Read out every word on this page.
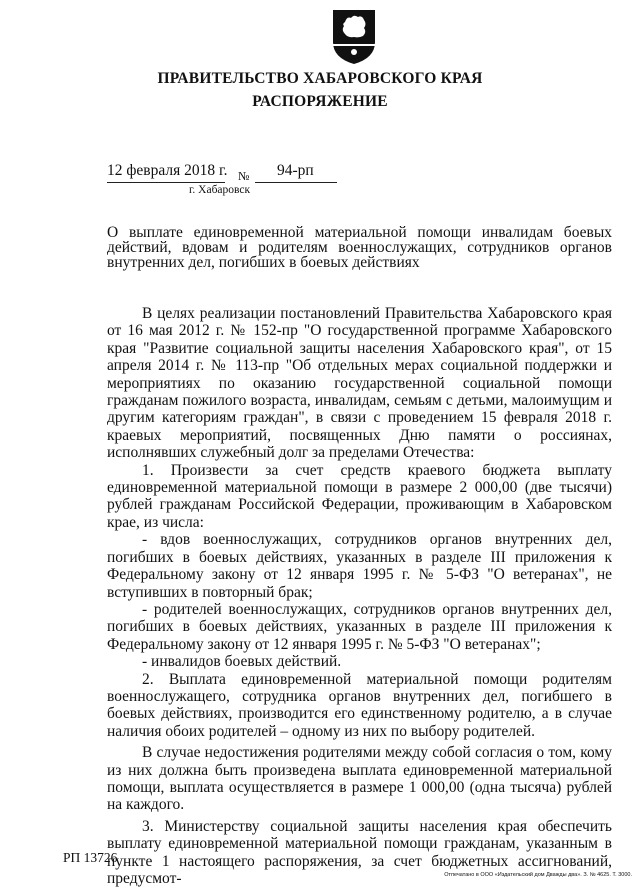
ПРАВИТЕЛЬСТВО ХАБАРОВСКОГО КРАЯ
РАСПОРЯЖЕНИЕ
12 февраля 2018 г. № 94-рп
г. Хабаровск
О выплате единовременной материальной помощи инвалидам боевых действий, вдовам и родителям военнослужащих, сотрудников органов внутренних дел, погибших в боевых действиях

В целях реализации постановлений Правительства Хабаровского края от 16 мая 2012 г. № 152-пр "О государственной программе Хабаровского края "Развитие социальной защиты населения Хабаровского края", от 15 апреля 2014 г. № 113-пр "Об отдельных мерах социальной поддержки и мероприятиях по оказанию государственной социальной помощи гражданам пожилого возраста, инвалидам, семьям с детьми, малоимущим и другим категориям граждан", в связи с проведением 15 февраля 2018 г. краевых мероприятий, посвященных Дню памяти о россиянах, исполнявших служебный долг за пределами Отечества:

1. Произвести за счет средств краевого бюджета выплату единовременной материальной помощи в размере 2 000,00 (две тысячи) рублей гражданам Российской Федерации, проживающим в Хабаровском крае, из числа:

- вдов военнослужащих, сотрудников органов внутренних дел, погибших в боевых действиях, указанных в разделе III приложения к Федеральному закону от 12 января 1995 г. № 5-ФЗ "О ветеранах", не вступивших в повторный брак;

- родителей военнослужащих, сотрудников органов внутренних дел, погибших в боевых действиях, указанных в разделе III приложения к Федеральному закону от 12 января 1995 г. № 5-ФЗ "О ветеранах";

- инвалидов боевых действий.

2. Выплата единовременной материальной помощи родителям военнослужащего, сотрудника органов внутренних дел, погибшего в боевых действиях, производится его единственному родителю, а в случае наличия обоих родителей – одному из них по выбору родителей.

В случае недостижения родителями между собой согласия о том, кому из них должна быть произведена выплата единовременной материальной помощи, выплата осуществляется в размере 1 000,00 (одна тысяча) рублей на каждого.

3. Министерству социальной защиты населения края обеспечить выплату единовременной материальной помощи гражданам, указанным в пункте 1 настоящего распоряжения, за счет бюджетных ассигнований, предусмот-

РП 13726
Отпечатано в ООО «Издательский дом Дважды два». З. № 4625. Т. 3000.
